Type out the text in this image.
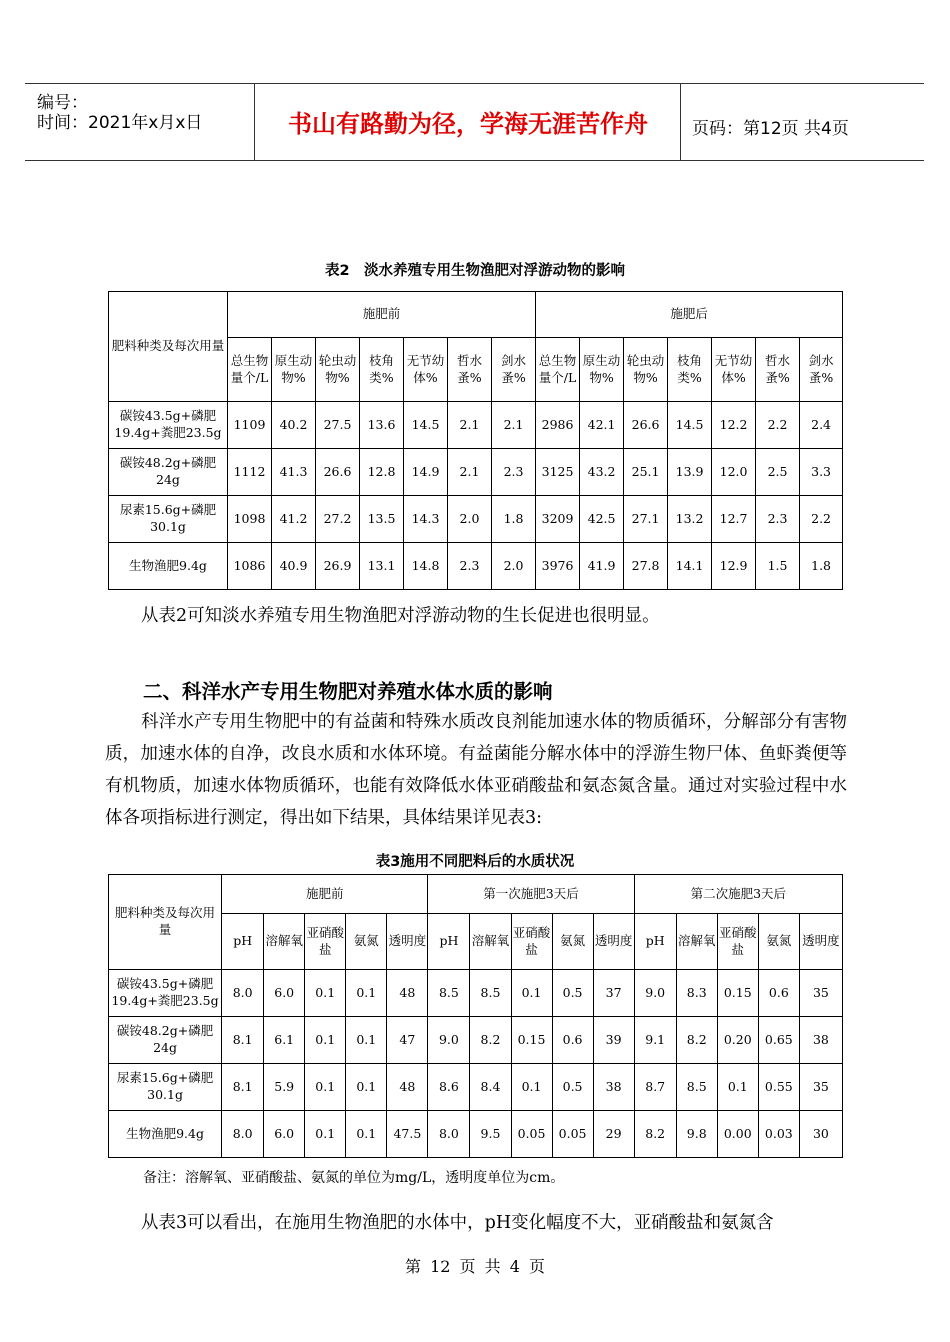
编号：
时间：2021年x月x日	书山有路勤为径，学海无涯苦作舟	页码：第12页 共4页
表2　淡水养殖专用生物渔肥对浮游动物的影响
肥料种类及每次用量	施肥前							施肥后						
	总生物量个/L	原生动物%	轮虫动物%	枝角类%	无节幼体%	哲水蚤%	剑水蚤%	总生物量个/L	原生动物%	轮虫动物%	枝角类%	无节幼体%	哲水蚤%	剑水蚤%
碳铵43.5g+磷肥19.4g+粪肥23.5g	1109	40.2	27.5	13.6	14.5	2.1	2.1	2986	42.1	26.6	14.5	12.2	2.2	2.4
碳铵48.2g+磷肥24g	1112	41.3	26.6	12.8	14.9	2.1	2.3	3125	43.2	25.1	13.9	12.0	2.5	3.3
尿素15.6g+磷肥30.1g	1098	41.2	27.2	13.5	14.3	2.0	1.8	3209	42.5	27.1	13.2	12.7	2.3	2.2
生物渔肥9.4g	1086	40.9	26.9	13.1	14.8	2.3	2.0	3976	41.9	27.8	14.1	12.9	1.5	1.8
从表2可知淡水养殖专用生物渔肥对浮游动物的生长促进也很明显。
二、科洋水产专用生物肥对养殖水体水质的影响
科洋水产专用生物肥中的有益菌和特殊水质改良剂能加速水体的物质循环，分解部分有害物质，加速水体的自净，改良水质和水体环境。有益菌能分解水体中的浮游生物尸体、鱼虾粪便等有机物质，加速水体物质循环，也能有效降低水体亚硝酸盐和氨态氮含量。通过对实验过程中水体各项指标进行测定，得出如下结果，具体结果详见表3:
表3施用不同肥料后的水质状况
肥料种类及每次用量	施肥前					第一次施肥3天后					第二次施肥3天后				
	pH	溶解氧	亚硝酸盐	氨氮	透明度	pH	溶解氧	亚硝酸盐	氨氮	透明度	pH	溶解氧	亚硝酸盐	氨氮	透明度
碳铵43.5g+磷肥19.4g+粪肥23.5g	8.0	6.0	0.1	0.1	48	8.5	8.5	0.1	0.5	37	9.0	8.3	0.15	0.6	35
碳铵48.2g+磷肥24g	8.1	6.1	0.1	0.1	47	9.0	8.2	0.15	0.6	39	9.1	8.2	0.20	0.65	38
尿素15.6g+磷肥30.1g	8.1	5.9	0.1	0.1	48	8.6	8.4	0.1	0.5	38	8.7	8.5	0.1	0.55	35
生物渔肥9.4g	8.0	6.0	0.1	0.1	47.5	8.0	9.5	0.05	0.05	29	8.2	9.8	0.00	0.03	30
备注：溶解氧、亚硝酸盐、氨氮的单位为mg/L，透明度单位为cm。
从表3可以看出，在施用生物渔肥的水体中，pH变化幅度不大，亚硝酸盐和氨氮含
第 12 页 共 4 页
